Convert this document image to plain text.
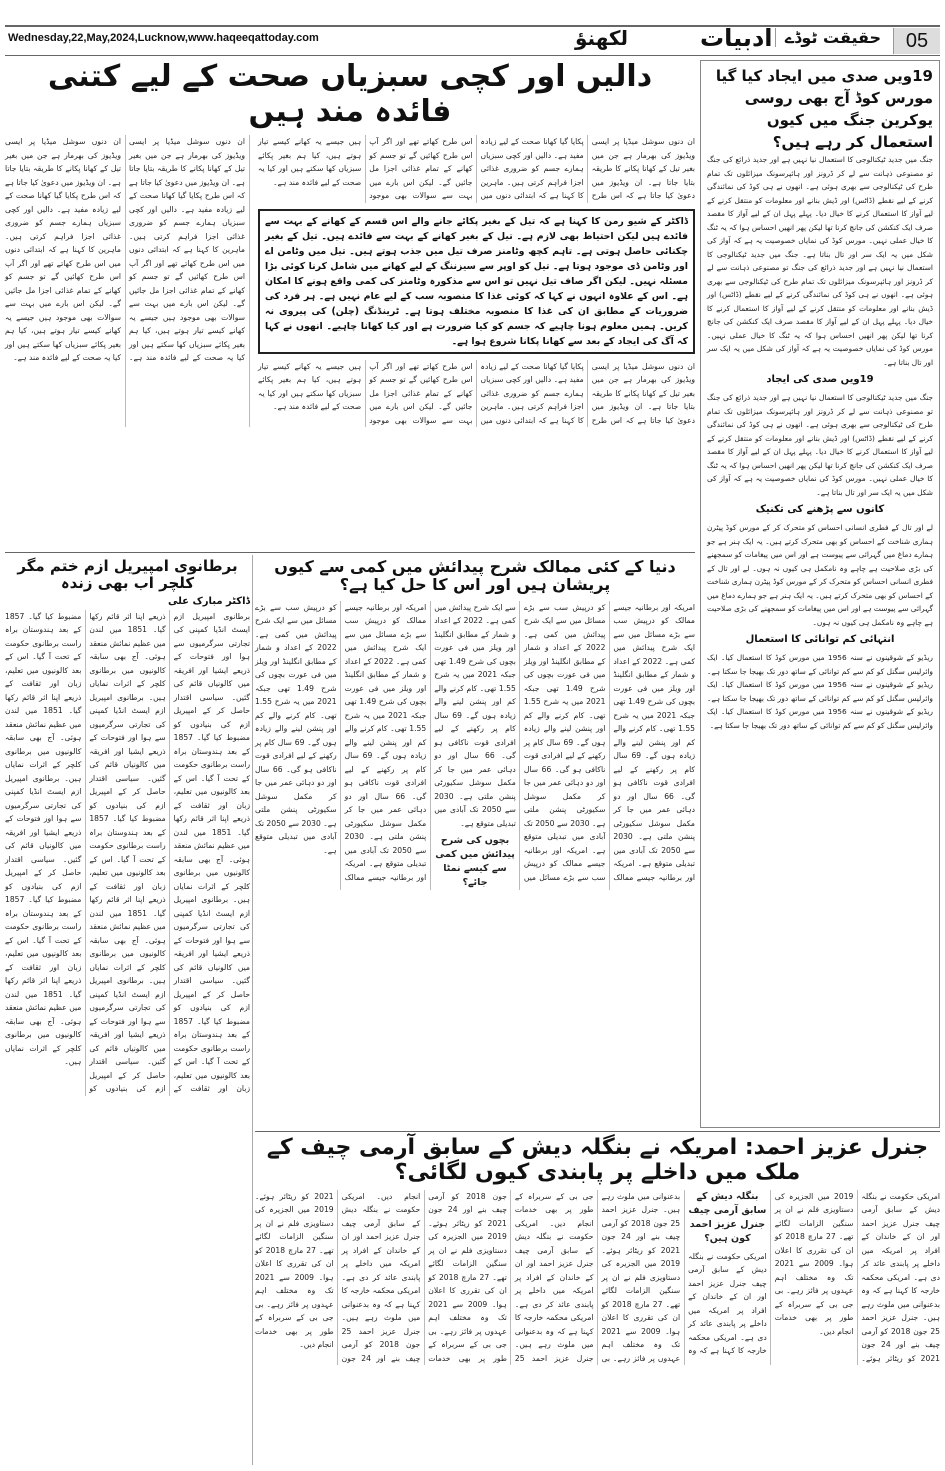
Wednesday,22,May,2024,Lucknow,www.haqeeqattoday.com	لکھنؤ	ادبیات حقیقت ٹوڈے	05
دالیں اور کچی سبزیاں صحت کے لیے کتنی فائدہ مند ہیں
ان دنوں سوشل میڈیا پر ایسی ویڈیوز کی بھرمار ہے جن میں بغیر تیل کے کھانا پکانے کا طریقہ بتایا جاتا ہے۔ ان ویڈیوز میں دعویٰ کیا جاتا ہے کہ اس طرح پکایا گیا کھانا صحت کے لیے زیادہ مفید ہے۔ دالیں اور کچی سبزیاں ہمارے جسم کو ضروری غذائی اجزا فراہم کرتی ہیں۔ ماہرین کا کہنا ہے کہ ابتدائی دنوں میں اس طرح کھاتے تھے اور اگر آپ اس طرح کھائیں گے تو جسم کو کھانے کے تمام غذائی اجزا مل جائیں گے۔ لیکن اس بارے میں بہت سے سوالات بھی موجود ہیں جیسے یہ کھانے کیسے تیار ہوتے ہیں، کیا ہم بغیر پکائے سبزیاں کھا سکتے ہیں اور کیا یہ صحت کے لیے فائدہ مند ہے۔
ڈاکٹر کے شیو رمن کا کہنا ہے کہ تیل کے بغیر پکائے جانے والے اس قسم کے کھانے کے بہت سے فائدے ہیں لیکن احتیاط بھی لازم ہے۔ تیل کے بغیر کھانے کے بہت سے فائدے ہیں۔ تیل کے بغیر چکنائی حاصل ہوتی ہے۔ تاہم کچھ وٹامنز صرف تیل میں جذب ہوتے ہیں۔ تیل میں وٹامن اے اور وٹامن ڈی موجود ہوتا ہے۔ تیل کو اوپر سے سیزننگ کے لیے کھانے میں شامل کرنا کوئی بڑا مسئلہ نہیں۔ لیکن اگر صاف تیل نہیں تو اس سے مذکورہ وٹامنز کی کمی واقع ہونے کا امکان ہے۔ اس کے علاوہ انہوں نے کہا کہ کوئی غذا کا منصوبہ سب کے لیے عام نہیں ہے۔ ہر فرد کی ضروریات کے مطابق ان کی غذا کا منصوبہ مختلف ہوتا ہے۔ ٹرینڈنگ (چلن) کی پیروی نہ کریں۔ ہمیں معلوم ہونا چاہیے کہ جسم کو کیا ضرورت ہے اور کیا کھانا چاہیے۔ انھوں نے کہا کہ آگ کی ایجاد کے بعد سے کھانا پکانا شروع ہوا ہے۔
ان دنوں سوشل میڈیا پر ایسی ویڈیوز کی بھرمار ہے جن میں بغیر تیل کے کھانا پکانے کا طریقہ بتایا جاتا ہے۔ ان ویڈیوز میں دعویٰ کیا جاتا ہے کہ اس طرح پکایا گیا کھانا صحت کے لیے زیادہ مفید ہے۔ دالیں اور کچی سبزیاں ہمارے جسم کو ضروری غذائی اجزا فراہم کرتی ہیں۔ ماہرین کا کہنا ہے کہ ابتدائی دنوں میں اس طرح کھاتے تھے اور اگر آپ اس طرح کھائیں گے تو جسم کو کھانے کے تمام غذائی اجزا مل جائیں گے۔ لیکن اس بارے میں بہت سے سوالات بھی موجود ہیں جیسے یہ کھانے کیسے تیار ہوتے ہیں، کیا ہم بغیر پکائے سبزیاں کھا سکتے ہیں اور کیا یہ صحت کے لیے فائدہ مند ہے۔
ان دنوں سوشل میڈیا پر ایسی ویڈیوز کی بھرمار ہے جن میں بغیر تیل کے کھانا پکانے کا طریقہ بتایا جاتا ہے۔ ان ویڈیوز میں دعویٰ کیا جاتا ہے کہ اس طرح پکایا گیا کھانا صحت کے لیے زیادہ مفید ہے۔ دالیں اور کچی سبزیاں ہمارے جسم کو ضروری غذائی اجزا فراہم کرتی ہیں۔ ماہرین کا کہنا ہے کہ ابتدائی دنوں میں اس طرح کھاتے تھے اور اگر آپ اس طرح کھائیں گے تو جسم کو کھانے کے تمام غذائی اجزا مل جائیں گے۔ لیکن اس بارے میں بہت سے سوالات بھی موجود ہیں جیسے یہ کھانے کیسے تیار ہوتے ہیں، کیا ہم بغیر پکائے سبزیاں کھا سکتے ہیں اور کیا یہ صحت کے لیے فائدہ مند ہے۔ ان دنوں سوشل میڈیا پر ایسی ویڈیوز کی بھرمار ہے جن میں بغیر تیل کے کھانا پکانے کا طریقہ بتایا جاتا ہے۔ ان ویڈیوز میں دعویٰ کیا جاتا ہے کہ اس طرح پکایا گیا کھانا صحت کے لیے زیادہ مفید ہے۔ دالیں اور کچی سبزیاں ہمارے جسم کو ضروری غذائی اجزا فراہم کرتی ہیں۔ ماہرین کا کہنا ہے کہ ابتدائی دنوں میں اس طرح کھاتے تھے اور اگر آپ اس طرح کھائیں گے تو جسم کو کھانے کے تمام غذائی اجزا مل جائیں گے۔ لیکن اس بارے میں بہت سے سوالات بھی موجود ہیں جیسے یہ کھانے کیسے تیار ہوتے ہیں، کیا ہم بغیر پکائے سبزیاں کھا سکتے ہیں اور کیا یہ صحت کے لیے فائدہ مند ہے۔
19ویں صدی میں ایجاد کیا گیا مورس کوڈ آج بھی روسی یوکرین جنگ میں کیوں استعمال کر رہے ہیں؟
جنگ میں جدید ٹیکنالوجی کا استعمال نیا نہیں ہے اور جدید ذرائع کی جنگ تو مصنوعی ذہانت سے لے کر ڈرونز اور ہائپرسونک میزائلوں تک تمام طرح کی ٹیکنالوجی سے بھری ہوئی ہے۔ انھوں نے ہی کوڈ کی نمائندگی کرنے کے لیے نقطے (ڈاٹس) اور ڈیش بنانے اور معلومات کو منتقل کرنے کے لیے آواز کا استعمال کرنے کا خیال دیا۔ پہلے پہل ان کے لیے آواز کا مقصد صرف ایک کنکشن کی جانچ کرنا تھا لیکن پھر انھیں احساس ہوا کہ یہ ٹنگ کا خیال عملی نہیں۔ مورس کوڈ کی نمایاں خصوصیت یہ ہے کہ آواز کی شکل میں یہ ایک سر اور تال بناتا ہے۔ جنگ میں جدید ٹیکنالوجی کا استعمال نیا نہیں ہے اور جدید ذرائع کی جنگ تو مصنوعی ذہانت سے لے کر ڈرونز اور ہائپرسونک میزائلوں تک تمام طرح کی ٹیکنالوجی سے بھری ہوئی ہے۔ انھوں نے ہی کوڈ کی نمائندگی کرنے کے لیے نقطے (ڈاٹس) اور ڈیش بنانے اور معلومات کو منتقل کرنے کے لیے آواز کا استعمال کرنے کا خیال دیا۔ پہلے پہل ان کے لیے آواز کا مقصد صرف ایک کنکشن کی جانچ کرنا تھا لیکن پھر انھیں احساس ہوا کہ یہ ٹنگ کا خیال عملی نہیں۔ مورس کوڈ کی نمایاں خصوصیت یہ ہے کہ آواز کی شکل میں یہ ایک سر اور تال بناتا ہے۔
19ویں صدی کی ایجاد
جنگ میں جدید ٹیکنالوجی کا استعمال نیا نہیں ہے اور جدید ذرائع کی جنگ تو مصنوعی ذہانت سے لے کر ڈرونز اور ہائپرسونک میزائلوں تک تمام طرح کی ٹیکنالوجی سے بھری ہوئی ہے۔ انھوں نے ہی کوڈ کی نمائندگی کرنے کے لیے نقطے (ڈاٹس) اور ڈیش بنانے اور معلومات کو منتقل کرنے کے لیے آواز کا استعمال کرنے کا خیال دیا۔ پہلے پہل ان کے لیے آواز کا مقصد صرف ایک کنکشن کی جانچ کرنا تھا لیکن پھر انھیں احساس ہوا کہ یہ ٹنگ کا خیال عملی نہیں۔ مورس کوڈ کی نمایاں خصوصیت یہ ہے کہ آواز کی شکل میں یہ ایک سر اور تال بناتا ہے۔
کانوں سے پڑھنے کی تکنیک
لے اور تال کے فطری انسانی احساس کو متحرک کر کے مورس کوڈ پیٹرن ہماری شناخت کے احساس کو بھی متحرک کرتے ہیں۔ یہ ایک ہنر ہے جو ہمارے دماغ میں گہرائی سے پیوست ہے اور اس میں پیغامات کو سمجھنے کی بڑی صلاحیت ہے چاہے وہ نامکمل ہی کیوں نہ ہوں۔ لے اور تال کے فطری انسانی احساس کو متحرک کر کے مورس کوڈ پیٹرن ہماری شناخت کے احساس کو بھی متحرک کرتے ہیں۔ یہ ایک ہنر ہے جو ہمارے دماغ میں گہرائی سے پیوست ہے اور اس میں پیغامات کو سمجھنے کی بڑی صلاحیت ہے چاہے وہ نامکمل ہی کیوں نہ ہوں۔
انتہائی کم توانائی کا استعمال
ریڈیو کے شوقینوں نے سنہ 1956 میں مورس کوڈ کا استعمال کیا۔ ایک وائرلیس سگنل کو کم سے کم توانائی کے ساتھ دور تک بھیجا جا سکتا ہے۔ ریڈیو کے شوقینوں نے سنہ 1956 میں مورس کوڈ کا استعمال کیا۔ ایک وائرلیس سگنل کو کم سے کم توانائی کے ساتھ دور تک بھیجا جا سکتا ہے۔ ریڈیو کے شوقینوں نے سنہ 1956 میں مورس کوڈ کا استعمال کیا۔ ایک وائرلیس سگنل کو کم سے کم توانائی کے ساتھ دور تک بھیجا جا سکتا ہے۔
دنیا کے کئی ممالک شرح پیدائش میں کمی سے کیوں پریشان ہیں اور اس کا حل کیا ہے؟
امریکہ اور برطانیہ جیسے ممالک کو درپیش سب سے بڑے مسائل میں سے ایک شرح پیدائش میں کمی ہے۔ 2022 کے اعداد و شمار کے مطابق انگلینڈ اور ویلز میں فی عورت بچوں کی شرح 1.49 تھی جبکہ 2021 میں یہ شرح 1.55 تھی۔ کام کرنے والے کم اور پنشن لینے والے زیادہ ہوں گے۔ 69 سال کام پر رکھنے کے لیے افرادی قوت ناکافی ہو گی۔ 66 سال اور دو دہائی عمر میں جا کر مکمل سوشل سکیورٹی پنشن ملتی ہے۔ 2030 سے 2050 تک آبادی میں تبدیلی متوقع ہے۔ امریکہ اور برطانیہ جیسے ممالک کو درپیش سب سے بڑے مسائل میں سے ایک شرح پیدائش میں کمی ہے۔ 2022 کے اعداد و شمار کے مطابق انگلینڈ اور ویلز میں فی عورت بچوں کی شرح 1.49 تھی جبکہ 2021 میں یہ شرح 1.55 تھی۔ کام کرنے والے کم اور پنشن لینے والے زیادہ ہوں گے۔ 69 سال کام پر رکھنے کے لیے افرادی قوت ناکافی ہو گی۔ 66 سال اور دو دہائی عمر میں جا کر مکمل سوشل سکیورٹی پنشن ملتی ہے۔ 2030 سے 2050 تک آبادی میں تبدیلی متوقع ہے۔ امریکہ اور برطانیہ جیسے ممالک کو درپیش سب سے بڑے مسائل میں سے ایک شرح پیدائش میں کمی ہے۔ 2022 کے اعداد و شمار کے مطابق انگلینڈ اور ویلز میں فی عورت بچوں کی شرح 1.49 تھی جبکہ 2021 میں یہ شرح 1.55 تھی۔ کام کرنے والے کم اور پنشن لینے والے زیادہ ہوں گے۔ 69 سال کام پر رکھنے کے لیے افرادی قوت ناکافی ہو گی۔ 66 سال اور دو دہائی عمر میں جا کر مکمل سوشل سکیورٹی پنشن ملتی ہے۔ 2030 سے 2050 تک آبادی میں تبدیلی متوقع ہے۔
بچوں کی شرح پیدائش میں کمی سے کیسے نمٹا جائے؟
امریکہ اور برطانیہ جیسے ممالک کو درپیش سب سے بڑے مسائل میں سے ایک شرح پیدائش میں کمی ہے۔ 2022 کے اعداد و شمار کے مطابق انگلینڈ اور ویلز میں فی عورت بچوں کی شرح 1.49 تھی جبکہ 2021 میں یہ شرح 1.55 تھی۔ کام کرنے والے کم اور پنشن لینے والے زیادہ ہوں گے۔ 69 سال کام پر رکھنے کے لیے افرادی قوت ناکافی ہو گی۔ 66 سال اور دو دہائی عمر میں جا کر مکمل سوشل سکیورٹی پنشن ملتی ہے۔ 2030 سے 2050 تک آبادی میں تبدیلی متوقع ہے۔ امریکہ اور برطانیہ جیسے ممالک کو درپیش سب سے بڑے مسائل میں سے ایک شرح پیدائش میں کمی ہے۔ 2022 کے اعداد و شمار کے مطابق انگلینڈ اور ویلز میں فی عورت بچوں کی شرح 1.49 تھی جبکہ 2021 میں یہ شرح 1.55 تھی۔ کام کرنے والے کم اور پنشن لینے والے زیادہ ہوں گے۔ 69 سال کام پر رکھنے کے لیے افرادی قوت ناکافی ہو گی۔ 66 سال اور دو دہائی عمر میں جا کر مکمل سوشل سکیورٹی پنشن ملتی ہے۔ 2030 سے 2050 تک آبادی میں تبدیلی متوقع ہے۔
برطانوی امپیریل ازم ختم مگر کلچر اب بھی زندہ
ڈاکٹر مبارک علی
برطانوی امپیریل ازم ایسٹ انڈیا کمپنی کی تجارتی سرگرمیوں سے ہوا اور فتوحات کے ذریعے ایشیا اور افریقہ میں کالونیاں قائم کی گئیں۔ سیاسی اقتدار حاصل کر کے امپیریل ازم کی بنیادوں کو مضبوط کیا گیا۔ 1857 کے بعد ہندوستان براہ راست برطانوی حکومت کے تحت آ گیا۔ اس کے بعد کالونیوں میں تعلیم، زبان اور ثقافت کے ذریعے اپنا اثر قائم رکھا گیا۔ 1851 میں لندن میں عظیم نمائش منعقد ہوئی۔ آج بھی سابقہ کالونیوں میں برطانوی کلچر کے اثرات نمایاں ہیں۔ برطانوی امپیریل ازم ایسٹ انڈیا کمپنی کی تجارتی سرگرمیوں سے ہوا اور فتوحات کے ذریعے ایشیا اور افریقہ میں کالونیاں قائم کی گئیں۔ سیاسی اقتدار حاصل کر کے امپیریل ازم کی بنیادوں کو مضبوط کیا گیا۔ 1857 کے بعد ہندوستان براہ راست برطانوی حکومت کے تحت آ گیا۔ اس کے بعد کالونیوں میں تعلیم، زبان اور ثقافت کے ذریعے اپنا اثر قائم رکھا گیا۔ 1851 میں لندن میں عظیم نمائش منعقد ہوئی۔ آج بھی سابقہ کالونیوں میں برطانوی کلچر کے اثرات نمایاں ہیں۔ برطانوی امپیریل ازم ایسٹ انڈیا کمپنی کی تجارتی سرگرمیوں سے ہوا اور فتوحات کے ذریعے ایشیا اور افریقہ میں کالونیاں قائم کی گئیں۔ سیاسی اقتدار حاصل کر کے امپیریل ازم کی بنیادوں کو مضبوط کیا گیا۔ 1857 کے بعد ہندوستان براہ راست برطانوی حکومت کے تحت آ گیا۔ اس کے بعد کالونیوں میں تعلیم، زبان اور ثقافت کے ذریعے اپنا اثر قائم رکھا گیا۔ 1851 میں لندن میں عظیم نمائش منعقد ہوئی۔ آج بھی سابقہ کالونیوں میں برطانوی کلچر کے اثرات نمایاں ہیں۔ برطانوی امپیریل ازم ایسٹ انڈیا کمپنی کی تجارتی سرگرمیوں سے ہوا اور فتوحات کے ذریعے ایشیا اور افریقہ میں کالونیاں قائم کی گئیں۔ سیاسی اقتدار حاصل کر کے امپیریل ازم کی بنیادوں کو مضبوط کیا گیا۔ 1857 کے بعد ہندوستان براہ راست برطانوی حکومت کے تحت آ گیا۔ اس کے بعد کالونیوں میں تعلیم، زبان اور ثقافت کے ذریعے اپنا اثر قائم رکھا گیا۔ 1851 میں لندن میں عظیم نمائش منعقد ہوئی۔ آج بھی سابقہ کالونیوں میں برطانوی کلچر کے اثرات نمایاں ہیں۔ برطانوی امپیریل ازم ایسٹ انڈیا کمپنی کی تجارتی سرگرمیوں سے ہوا اور فتوحات کے ذریعے ایشیا اور افریقہ میں کالونیاں قائم کی گئیں۔ سیاسی اقتدار حاصل کر کے امپیریل ازم کی بنیادوں کو مضبوط کیا گیا۔ 1857 کے بعد ہندوستان براہ راست برطانوی حکومت کے تحت آ گیا۔ اس کے بعد کالونیوں میں تعلیم، زبان اور ثقافت کے ذریعے اپنا اثر قائم رکھا گیا۔ 1851 میں لندن میں عظیم نمائش منعقد ہوئی۔ آج بھی سابقہ کالونیوں میں برطانوی کلچر کے اثرات نمایاں ہیں۔
جنرل عزیز احمد: امریکہ نے بنگلہ دیش کے سابق آرمی چیف کے ملک میں داخلے پر پابندی کیوں لگائی؟
امریکی حکومت نے بنگلہ دیش کے سابق آرمی چیف جنرل عزیز احمد اور ان کے خاندان کے افراد پر امریکہ میں داخلے پر پابندی عائد کر دی ہے۔ امریکی محکمہ خارجہ کا کہنا ہے کہ وہ بدعنوانی میں ملوث رہے ہیں۔ جنرل عزیز احمد 25 جون 2018 کو آرمی چیف بنے اور 24 جون 2021 کو ریٹائر ہوئے۔ 2019 میں الجزیرہ کی دستاویزی فلم نے ان پر سنگین الزامات لگائے تھے۔ 27 مارچ 2018 کو ان کی تقرری کا اعلان ہوا۔ 2009 سے 2021 تک وہ مختلف اہم عہدوں پر فائز رہے۔ بی جی بی کے سربراہ کے طور پر بھی خدمات انجام دیں۔
بنگلہ دیش کے سابق آرمی چیف جنرل عزیز احمد کون ہیں؟
امریکی حکومت نے بنگلہ دیش کے سابق آرمی چیف جنرل عزیز احمد اور ان کے خاندان کے افراد پر امریکہ میں داخلے پر پابندی عائد کر دی ہے۔ امریکی محکمہ خارجہ کا کہنا ہے کہ وہ بدعنوانی میں ملوث رہے ہیں۔ جنرل عزیز احمد 25 جون 2018 کو آرمی چیف بنے اور 24 جون 2021 کو ریٹائر ہوئے۔ 2019 میں الجزیرہ کی دستاویزی فلم نے ان پر سنگین الزامات لگائے تھے۔ 27 مارچ 2018 کو ان کی تقرری کا اعلان ہوا۔ 2009 سے 2021 تک وہ مختلف اہم عہدوں پر فائز رہے۔ بی جی بی کے سربراہ کے طور پر بھی خدمات انجام دیں۔ امریکی حکومت نے بنگلہ دیش کے سابق آرمی چیف جنرل عزیز احمد اور ان کے خاندان کے افراد پر امریکہ میں داخلے پر پابندی عائد کر دی ہے۔ امریکی محکمہ خارجہ کا کہنا ہے کہ وہ بدعنوانی میں ملوث رہے ہیں۔ جنرل عزیز احمد 25 جون 2018 کو آرمی چیف بنے اور 24 جون 2021 کو ریٹائر ہوئے۔ 2019 میں الجزیرہ کی دستاویزی فلم نے ان پر سنگین الزامات لگائے تھے۔ 27 مارچ 2018 کو ان کی تقرری کا اعلان ہوا۔ 2009 سے 2021 تک وہ مختلف اہم عہدوں پر فائز رہے۔ بی جی بی کے سربراہ کے طور پر بھی خدمات انجام دیں۔ امریکی حکومت نے بنگلہ دیش کے سابق آرمی چیف جنرل عزیز احمد اور ان کے خاندان کے افراد پر امریکہ میں داخلے پر پابندی عائد کر دی ہے۔ امریکی محکمہ خارجہ کا کہنا ہے کہ وہ بدعنوانی میں ملوث رہے ہیں۔ جنرل عزیز احمد 25 جون 2018 کو آرمی چیف بنے اور 24 جون 2021 کو ریٹائر ہوئے۔ 2019 میں الجزیرہ کی دستاویزی فلم نے ان پر سنگین الزامات لگائے تھے۔ 27 مارچ 2018 کو ان کی تقرری کا اعلان ہوا۔ 2009 سے 2021 تک وہ مختلف اہم عہدوں پر فائز رہے۔ بی جی بی کے سربراہ کے طور پر بھی خدمات انجام دیں۔
